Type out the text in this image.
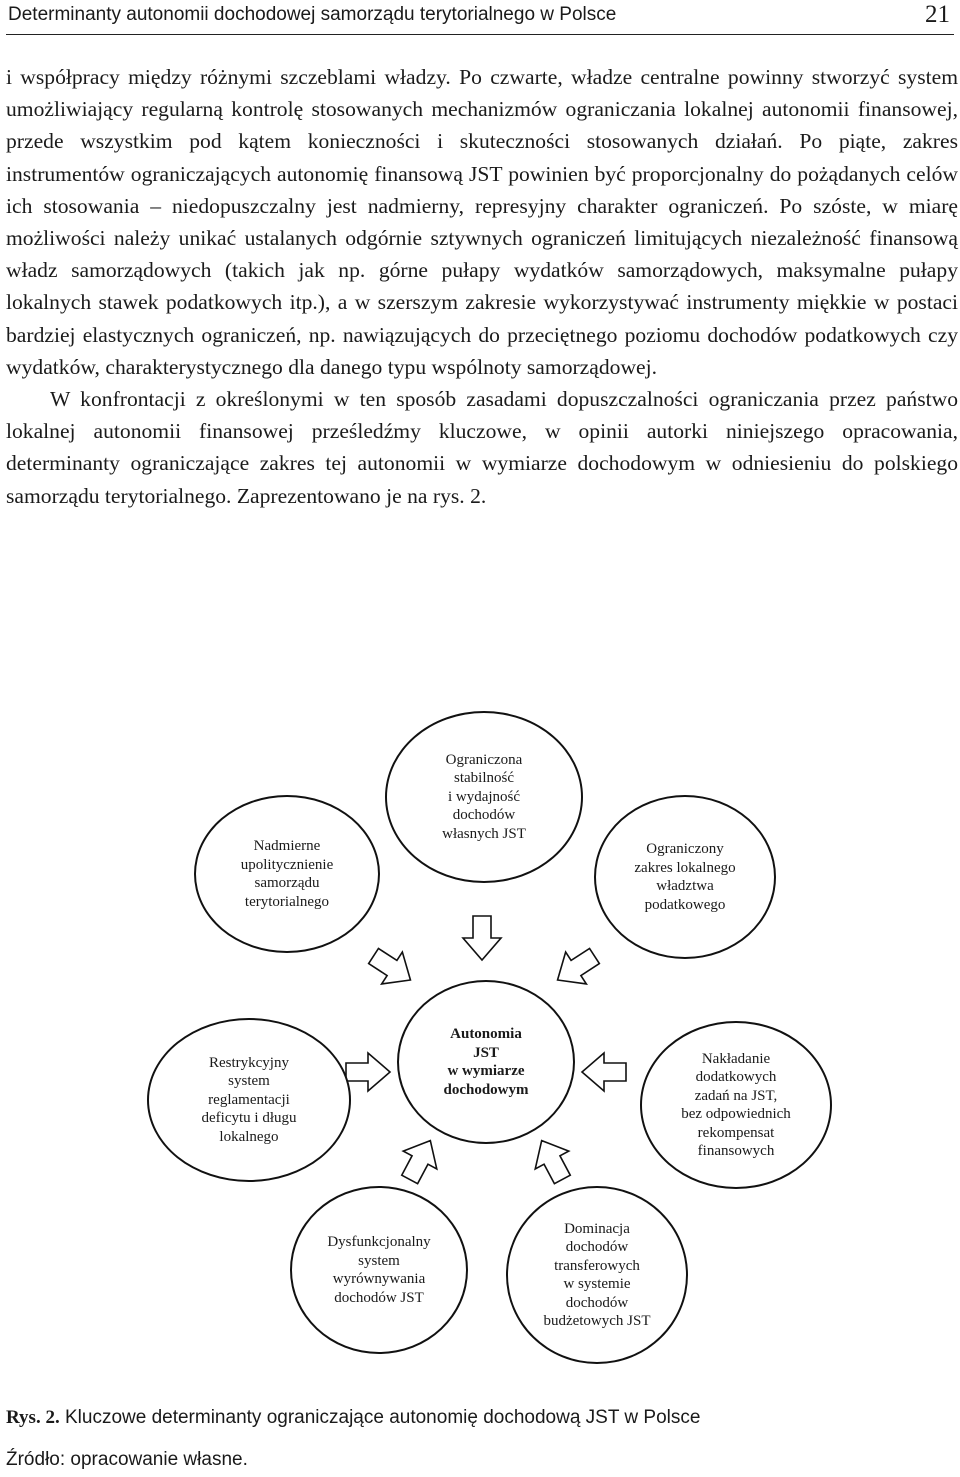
Determinanty autonomii dochodowej samorządu terytorialnego w Polsce	21

i współpracy między różnymi szczeblami władzy. Po czwarte, władze centralne powinny stworzyć system umożliwiający regularną kontrolę stosowanych mechanizmów ograniczania lokalnej autonomii finansowej, przede wszystkim pod kątem konieczności i skuteczności stosowanych działań. Po piąte, zakres instrumentów ograniczających autonomię finansową JST powinien być proporcjonalny do pożądanych celów ich stosowania – niedopuszczalny jest nadmierny, represyjny charakter ograniczeń. Po szóste, w miarę możliwości należy unikać ustalanych odgórnie sztywnych ograniczeń limitujących niezależność finansową władz samorządowych (takich jak np. górne pułapy wydatków samorządowych, maksymalne pułapy lokalnych stawek podatkowych itp.), a w szerszym zakresie wykorzystywać instrumenty miękkie w postaci bardziej elastycznych ograniczeń, np. nawiązujących do przeciętnego poziomu dochodów podatkowych czy wydatków, charakterystycznego dla danego typu wspólnoty samorządowej.

W konfrontacji z określonymi w ten sposób zasadami dopuszczalności ograniczania przez państwo lokalnej autonomii finansowej prześledźmy kluczowe, w opinii autorki niniejszego opracowania, determinanty ograniczające zakres tej autonomii w wymiarze dochodowym w odniesieniu do polskiego samorządu terytorialnego. Zaprezentowano je na rys. 2.

Ograniczona
stabilność
i wydajność
dochodów
własnych JST
Nadmierne
upolitycznienie
samorządu
terytorialnego
Ograniczony
zakres lokalnego
władztwa
podatkowego
Autonomia
JST
w wymiarze
dochodowym
Restrykcyjny
system
reglamentacji
deficytu i długu
lokalnego
Nakładanie
dodatkowych
zadań na JST,
bez odpowiednich
rekompensat
finansowych
Dysfunkcjonalny
system
wyrównywania
dochodów JST
Dominacja
dochodów
transferowych
w systemie
dochodów
budżetowych JST
Rys. 2. Kluczowe determinanty ograniczające autonomię dochodową JST w Polsce
Źródło: opracowanie własne.
